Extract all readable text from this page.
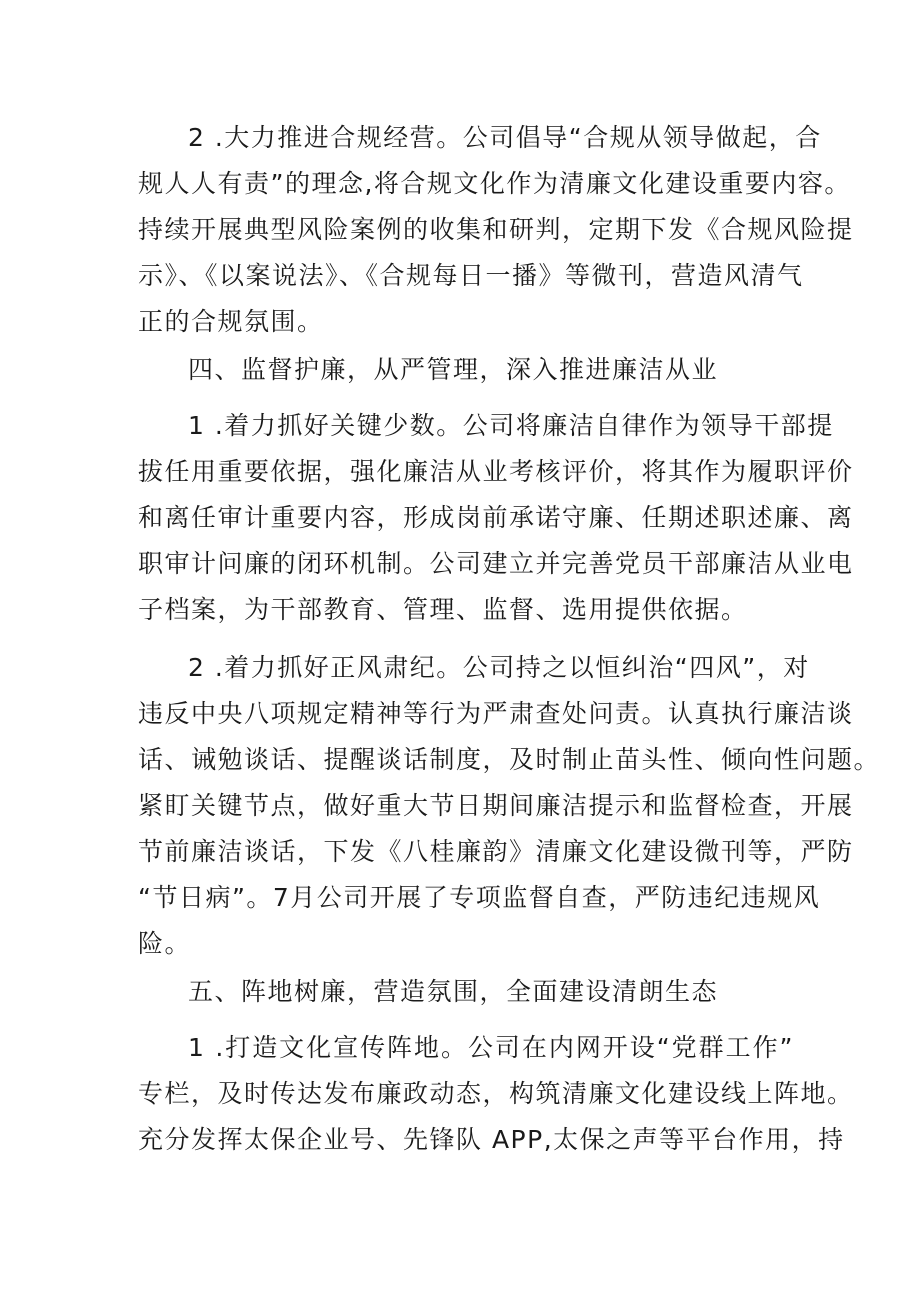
2 .大力推进合规经营。公司倡导“合规从领导做起，合
规人人有责”的理念,将合规文化作为清廉文化建设重要内容。
持续开展典型风险案例的收集和研判，定期下发《合规风险提
示》、《以案说法》、《合规每日一播》等微刊，营造风清气
正的合规氛围。
四、监督护廉，从严管理，深入推进廉洁从业
1 .着力抓好关键少数。公司将廉洁自律作为领导干部提
拔任用重要依据，强化廉洁从业考核评价，将其作为履职评价
和离任审计重要内容，形成岗前承诺守廉、任期述职述廉、离
职审计问廉的闭环机制。公司建立并完善党员干部廉洁从业电
子档案，为干部教育、管理、监督、选用提供依据。
2 .着力抓好正风肃纪。公司持之以恒纠治“四风”，对
违反中央八项规定精神等行为严肃查处问责。认真执行廉洁谈
话、诫勉谈话、提醒谈话制度，及时制止苗头性、倾向性问题。
紧盯关键节点，做好重大节日期间廉洁提示和监督检查，开展
节前廉洁谈话，下发《八桂廉韵》清廉文化建设微刊等，严防
“节日病”。7月公司开展了专项监督自查，严防违纪违规风
险。
五、阵地树廉，营造氛围，全面建设清朗生态
1 .打造文化宣传阵地。公司在内网开设“党群工作”
专栏，及时传达发布廉政动态，构筑清廉文化建设线上阵地。
充分发挥太保企业号、先锋队 APP,太保之声等平台作用，持
